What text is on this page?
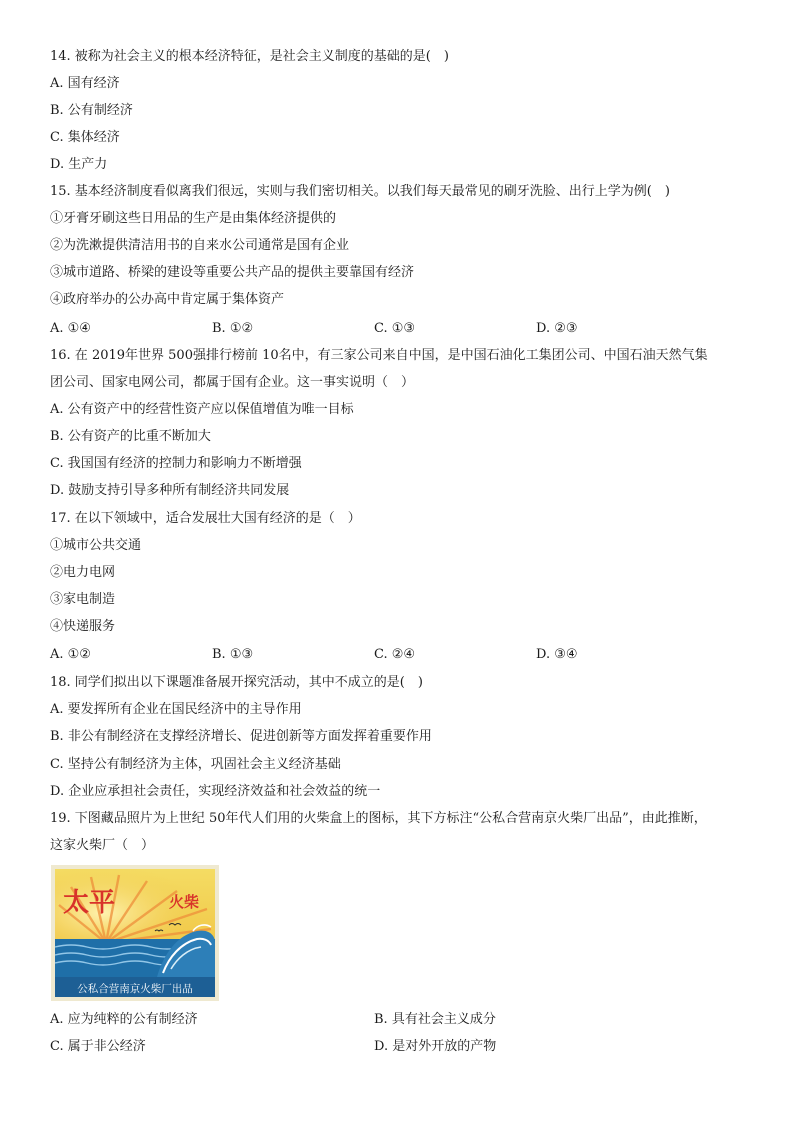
14. 被称为社会主义的根本经济特征，是社会主义制度的基础的是(　)
A. 国有经济
B. 公有制经济
C. 集体经济
D. 生产力
15. 基本经济制度看似离我们很远，实则与我们密切相关。以我们每天最常见的刷牙洗脸、出行上学为例(　)
①牙膏牙刷这些日用品的生产是由集体经济提供的
②为洗漱提供清洁用书的自来水公司通常是国有企业
③城市道路、桥梁的建设等重要公共产品的提供主要靠国有经济
④政府举办的公办高中肯定属于集体资产
A. ①④	B. ①②	C. ①③	D. ②③
16. 在 2019年世界 500强排行榜前 10名中，有三家公司来自中国，是中国石油化工集团公司、中国石油天然气集
团公司、国家电网公司，都属于国有企业。这一事实说明（　）
A. 公有资产中的经营性资产应以保值增值为唯一目标
B. 公有资产的比重不断加大
C. 我国国有经济的控制力和影响力不断增强
D. 鼓励支持引导多种所有制经济共同发展
17. 在以下领域中，适合发展壮大国有经济的是（　）
①城市公共交通
②电力电网
③家电制造
④快递服务
A. ①②	B. ①③	C. ②④	D. ③④
18. 同学们拟出以下课题准备展开探究活动，其中不成立的是(　)
A. 要发挥所有企业在国民经济中的主导作用
B. 非公有制经济在支撑经济增长、促进创新等方面发挥着重要作用
C. 坚持公有制经济为主体，巩固社会主义经济基础
D. 企业应承担社会责任，实现经济效益和社会效益的统一
19. 下图藏品照片为上世纪 50年代人们用的火柴盒上的图标，其下方标注“公私合营南京火柴厂出品”，由此推断，
这家火柴厂（　）
太平	火柴
公私合营南京火柴厂出品
A. 应为纯粹的公有制经济	B. 具有社会主义成分
C. 属于非公经济	D. 是对外开放的产物
